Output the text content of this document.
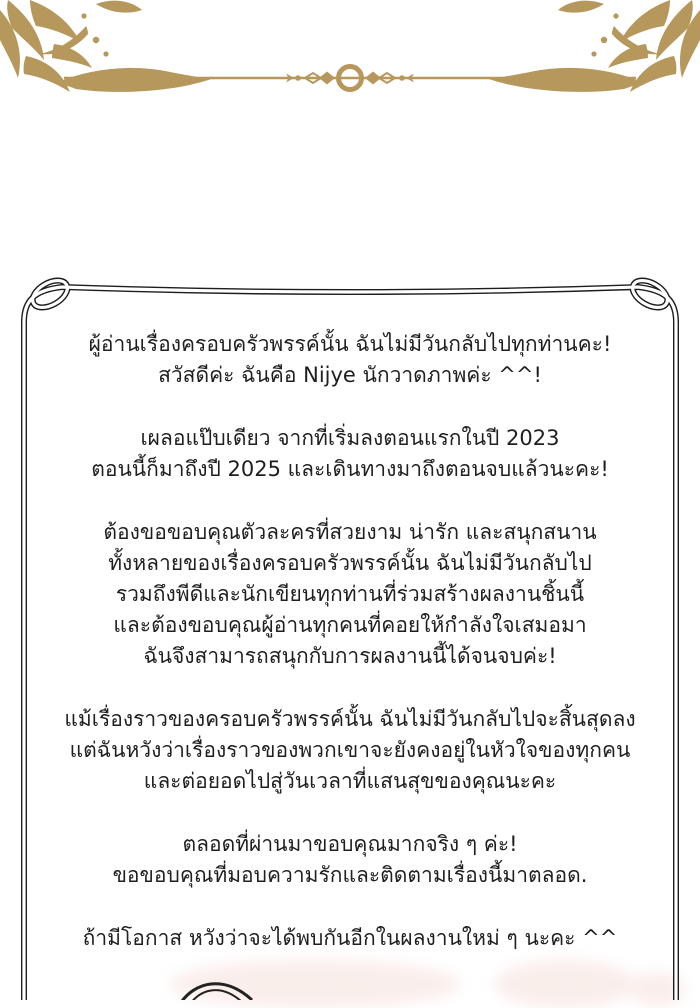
ผู้อ่านเรื่องครอบครัวพรรค์นั้น ฉันไม่มีวันกลับไปทุกท่านคะ!
สวัสดีค่ะ ฉันคือ Nijye นักวาดภาพค่ะ ^^!
เผลอแป๊บเดียว จากที่เริ่มลงตอนแรกในปี 2023
ตอนนี้ก็มาถึงปี 2025 และเดินทางมาถึงตอนจบแล้วนะคะ!
ต้องขอขอบคุณตัวละครที่สวยงาม น่ารัก และสนุกสนาน
ทั้งหลายของเรื่องครอบครัวพรรค์นั้น ฉันไม่มีวันกลับไป
รวมถึงพีดีและนักเขียนทุกท่านที่ร่วมสร้างผลงานชิ้นนี้
และต้องขอบคุณผู้อ่านทุกคนที่คอยให้กำลังใจเสมอมา
ฉันจึงสามารถสนุกกับการผลงานนี้ได้จนจบค่ะ!
แม้เรื่องราวของครอบครัวพรรค์นั้น ฉันไม่มีวันกลับไปจะสิ้นสุดลง
แต่ฉันหวังว่าเรื่องราวของพวกเขาจะยังคงอยู่ในหัวใจของทุกคน
และต่อยอดไปสู่วันเวลาที่แสนสุขของคุณนะคะ
ตลอดที่ผ่านมาขอบคุณมากจริง ๆ ค่ะ!
ขอขอบคุณที่มอบความรักและติดตามเรื่องนี้มาตลอด.
ถ้ามีโอกาส หวังว่าจะได้พบกันอีกในผลงานใหม่ ๆ นะคะ ^^
